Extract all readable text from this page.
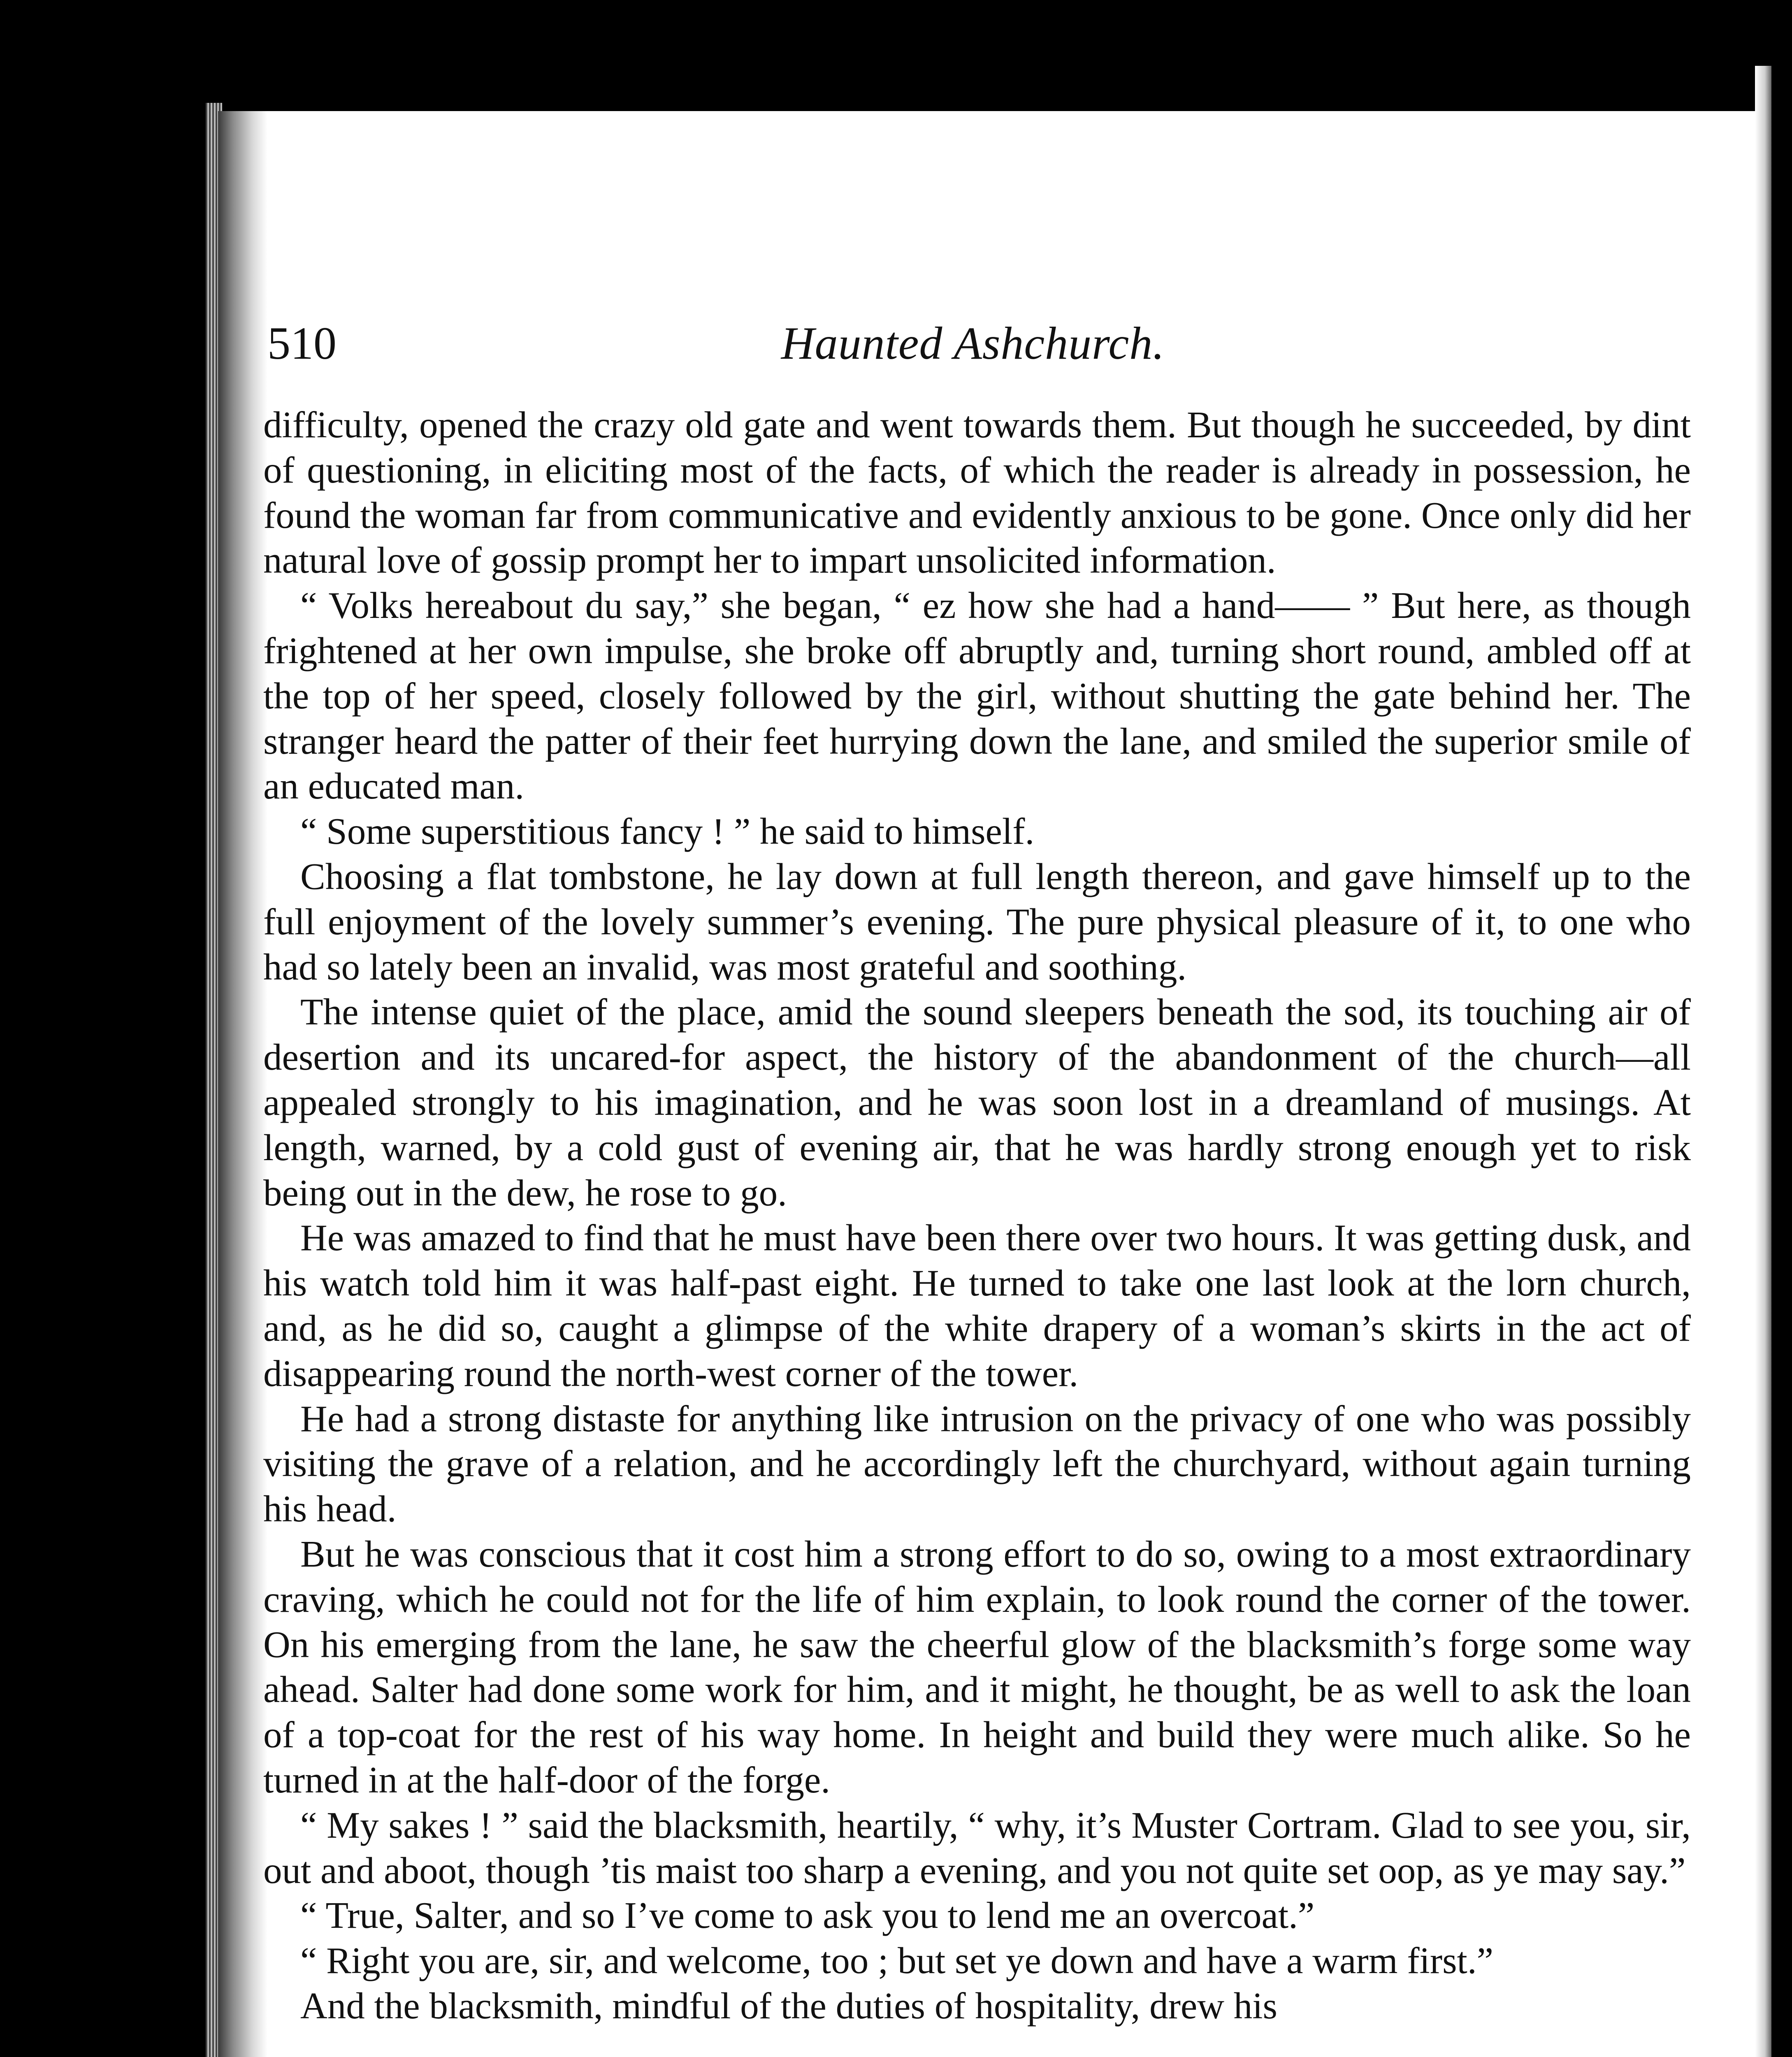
510	Haunted Ashchurch.

difficulty, opened the crazy old gate and went towards them. But though he succeeded, by dint of questioning, in eliciting most of the facts, of which the reader is already in possession, he found the woman far from communicative and evidently anxious to be gone. Once only did her natural love of gossip prompt her to impart unsolicited information.

“ Volks hereabout du say,” she began, “ ez how she had a hand—— ” But here, as though frightened at her own impulse, she broke off abruptly and, turning short round, ambled off at the top of her speed, closely followed by the girl, without shutting the gate behind her. The stranger heard the patter of their feet hurrying down the lane, and smiled the superior smile of an educated man.

“ Some superstitious fancy ! ” he said to himself.

Choosing a flat tombstone, he lay down at full length thereon, and gave himself up to the full enjoyment of the lovely summer’s evening. The pure physical pleasure of it, to one who had so lately been an invalid, was most grateful and soothing.

The intense quiet of the place, amid the sound sleepers beneath the sod, its touching air of desertion and its uncared-for aspect, the history of the abandonment of the church—all appealed strongly to his imagination, and he was soon lost in a dreamland of musings. At length, warned, by a cold gust of evening air, that he was hardly strong enough yet to risk being out in the dew, he rose to go.

He was amazed to find that he must have been there over two hours. It was getting dusk, and his watch told him it was half-past eight. He turned to take one last look at the lorn church, and, as he did so, caught a glimpse of the white drapery of a woman’s skirts in the act of disappearing round the north-west corner of the tower.

He had a strong distaste for anything like intrusion on the privacy of one who was possibly visiting the grave of a relation, and he accordingly left the churchyard, without again turning his head.

But he was conscious that it cost him a strong effort to do so, owing to a most extraordinary craving, which he could not for the life of him explain, to look round the corner of the tower. On his emerging from the lane, he saw the cheerful glow of the blacksmith’s forge some way ahead. Salter had done some work for him, and it might, he thought, be as well to ask the loan of a top-coat for the rest of his way home. In height and build they were much alike. So he turned in at the half-door of the forge.

“ My sakes ! ” said the blacksmith, heartily, “ why, it’s Muster Cortram. Glad to see you, sir, out and aboot, though ’tis maist too sharp a evening, and you not quite set oop, as ye may say.”

“ True, Salter, and so I’ve come to ask you to lend me an overcoat.”

“ Right you are, sir, and welcome, too ; but set ye down and have a warm first.”

And the blacksmith, mindful of the duties of hospitality, drew his
